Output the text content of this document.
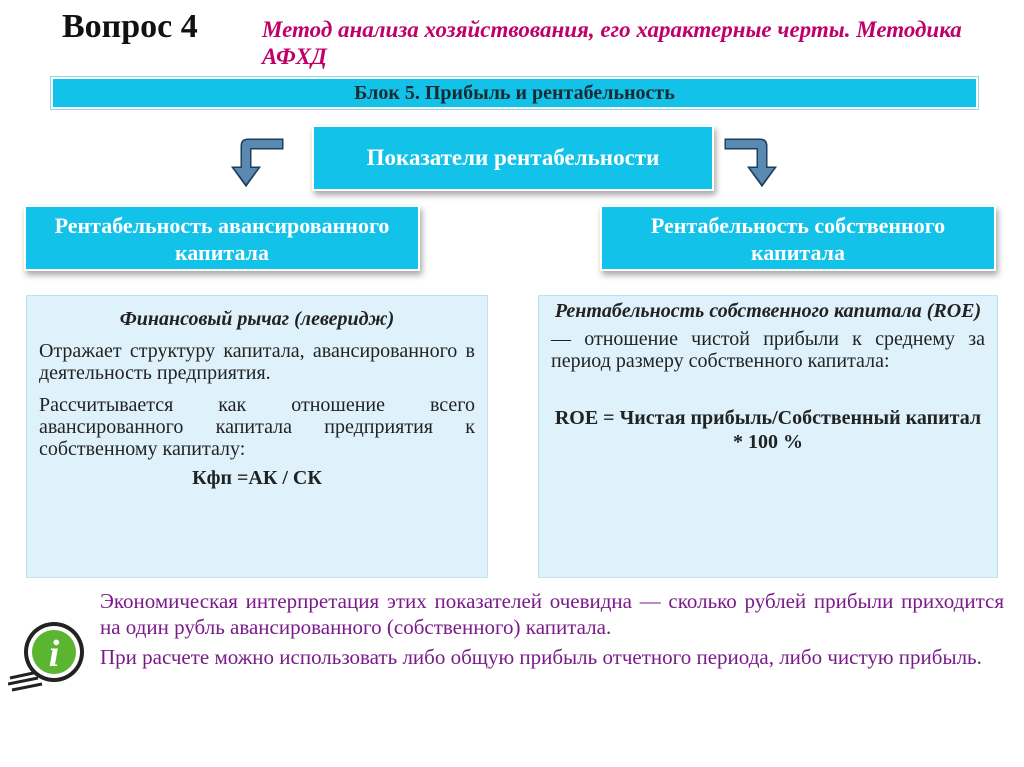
Вопрос 4	Метод анализа хозяйствования, его характерные черты. Методика АФХД
Блок 5. Прибыль и рентабельность
Показатели рентабельности
Рентабельность авансированного капитала
Рентабельность собственного капитала
Финансовый рычаг (леверидж)
Отражает структуру капитала, авансированного в деятельность предприятия.
Рассчитывается как отношение всего авансированного капитала предприятия к собственному капиталу:
Кфп =АК / СК
Рентабельность собственного капитала (ROE)
— отношение чистой прибыли к среднему за период размеру собственного капитала:
ROE = Чистая прибыль/Собственный капитал * 100 %
i

Экономическая интерпретация этих показателей очевидна — сколько рублей прибыли приходится на один рубль авансированного (собственного) капитала.

При расчете можно использовать либо общую прибыль отчетного периода, либо чистую прибыль.
